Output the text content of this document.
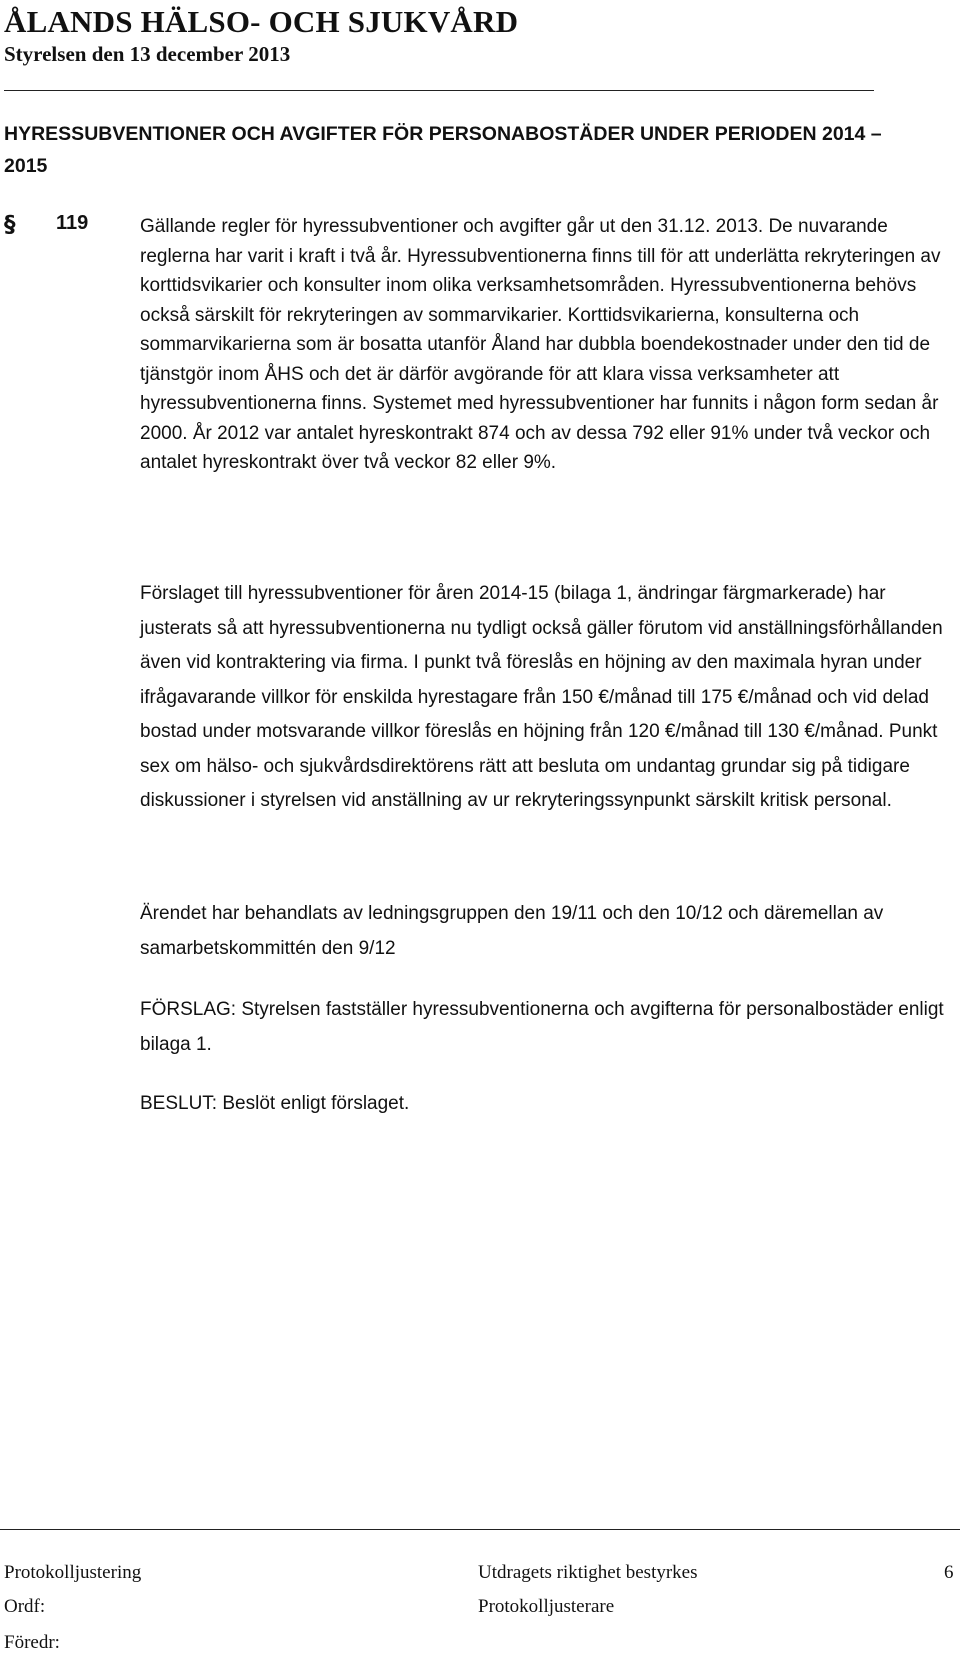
ÅLANDS HÄLSO- OCH SJUKVÅRD
Styrelsen den 13 december 2013
HYRESSUBVENTIONER OCH AVGIFTER FÖR PERSONABOSTÄDER UNDER PERIODEN 2014 – 2015
§ 119	Gällande regler för hyressubventioner och avgifter går ut den 31.12. 2013. De nuvarande reglerna har varit i kraft i två år. Hyressubventionerna finns till för att underlätta rekryteringen av korttidsvikarier och konsulter inom olika verksamhetsområden. Hyressubventionerna behövs också särskilt för rekryteringen av sommarvikarier. Korttidsvikarierna, konsulterna och sommarvikarierna som är bosatta utanför Åland har dubbla boendekostnader under den tid de tjänstgör inom ÅHS och det är därför avgörande för att klara vissa verksamheter att hyressubventionerna finns. Systemet med hyressubventioner har funnits i någon form sedan år 2000. År 2012 var antalet hyreskontrakt 874 och av dessa 792 eller 91% under två veckor och antalet hyreskontrakt över två veckor 82 eller 9%.

Förslaget till hyressubventioner för åren 2014-15 (bilaga 1, ändringar färgmarkerade) har justerats så att hyressubventionerna nu tydligt också gäller förutom vid anställningsförhållanden även vid kontraktering via firma. I punkt två föreslås en höjning av den maximala hyran under ifrågavarande villkor för enskilda hyrestagare från 150 €/månad till 175 €/månad och vid delad bostad under motsvarande villkor föreslås en höjning från 120 €/månad till 130 €/månad. Punkt sex om hälso- och sjukvårdsdirektörens rätt att besluta om undantag grundar sig på tidigare diskussioner i styrelsen vid anställning av ur rekryteringssynpunkt särskilt kritisk personal.

Ärendet har behandlats av ledningsgruppen den 19/11 och den 10/12 och däremellan av samarbetskommittén den 9/12

FÖRSLAG: Styrelsen fastställer hyressubventionerna och avgifterna för personalbostäder enligt bilaga 1.

BESLUT: Beslöt enligt förslaget.

Protokolljustering	Utdragets riktighet bestyrkes	6
Ordf:	Protokolljusterare
Föredr:
